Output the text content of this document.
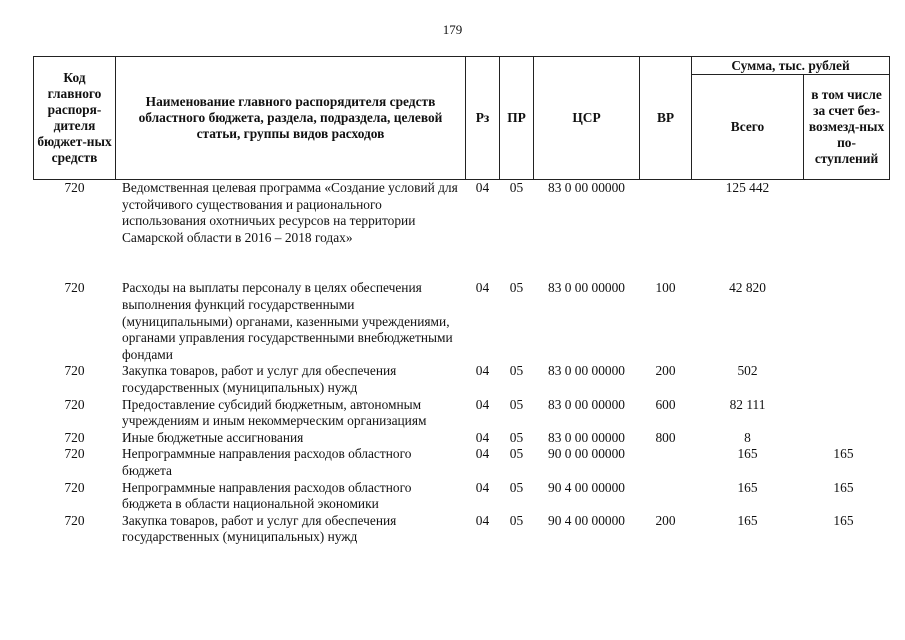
179
Код главного распоря-дителя бюджет-ных средств	Наименование главного распорядителя средств областного бюджета, раздела, подраздела, целевой статьи, группы видов расходов	Рз	ПР	ЦСР	ВР	Сумма, тыс. рублей	
						Всего	в том числе за счет без-возмезд-ных по-ступлений
720	Ведомственная целевая программа «Создание условий для устойчивого существования и рационального использования охотничьих ресурсов на территории Самарской области в 2016 – 2018 годах»	04	05	83 0 00 00000		125 442	

720	Расходы на выплаты персоналу в целях обеспечения выполнения функций государственными (муниципальными) органами, казенными учреждениями, органами управления государственными внебюджетными фондами	04	05	83 0 00 00000	100	42 820	
720	Закупка товаров, работ и услуг для обеспечения государственных (муниципальных) нужд	04	05	83 0 00 00000	200	502	
720	Предоставление субсидий бюджетным, автономным учреждениям и иным некоммерческим организациям	04	05	83 0 00 00000	600	82 111	
720	Иные бюджетные ассигнования	04	05	83 0 00 00000	800	8	
720	Непрограммные направления расходов областного бюджета	04	05	90 0 00 00000		165	165
720	Непрограммные направления расходов областного бюджета в области национальной экономики	04	05	90 4 00 00000		165	165
720	Закупка товаров, работ и услуг для обеспечения государственных (муниципальных) нужд	04	05	90 4 00 00000	200	165	165
